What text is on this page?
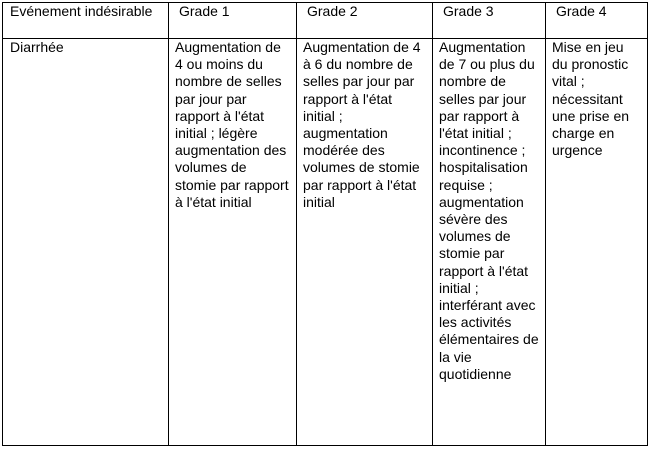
Evénement indésirable	Grade 1	Grade 2	Grade 3	Grade 4
Diarrhée	Augmentation de 4 ou moins du nombre de selles par jour par rapport à l'état initial ; légère augmentation des volumes de stomie par rapport à l'état initial	Augmentation de 4 à 6 du nombre de selles par jour par rapport à l'état initial ; augmentation modérée des volumes de stomie par rapport à l'état initial	Augmentation de 7 ou plus du nombre de selles par jour par rapport à l'état initial ; incontinence ; hospitalisation requise ; augmentation sévère des volumes de stomie par rapport à l'état initial ; interférant avec les activités élémentaires de la vie quotidienne	Mise en jeu du pronostic vital ; nécessitant une prise en charge en urgence
